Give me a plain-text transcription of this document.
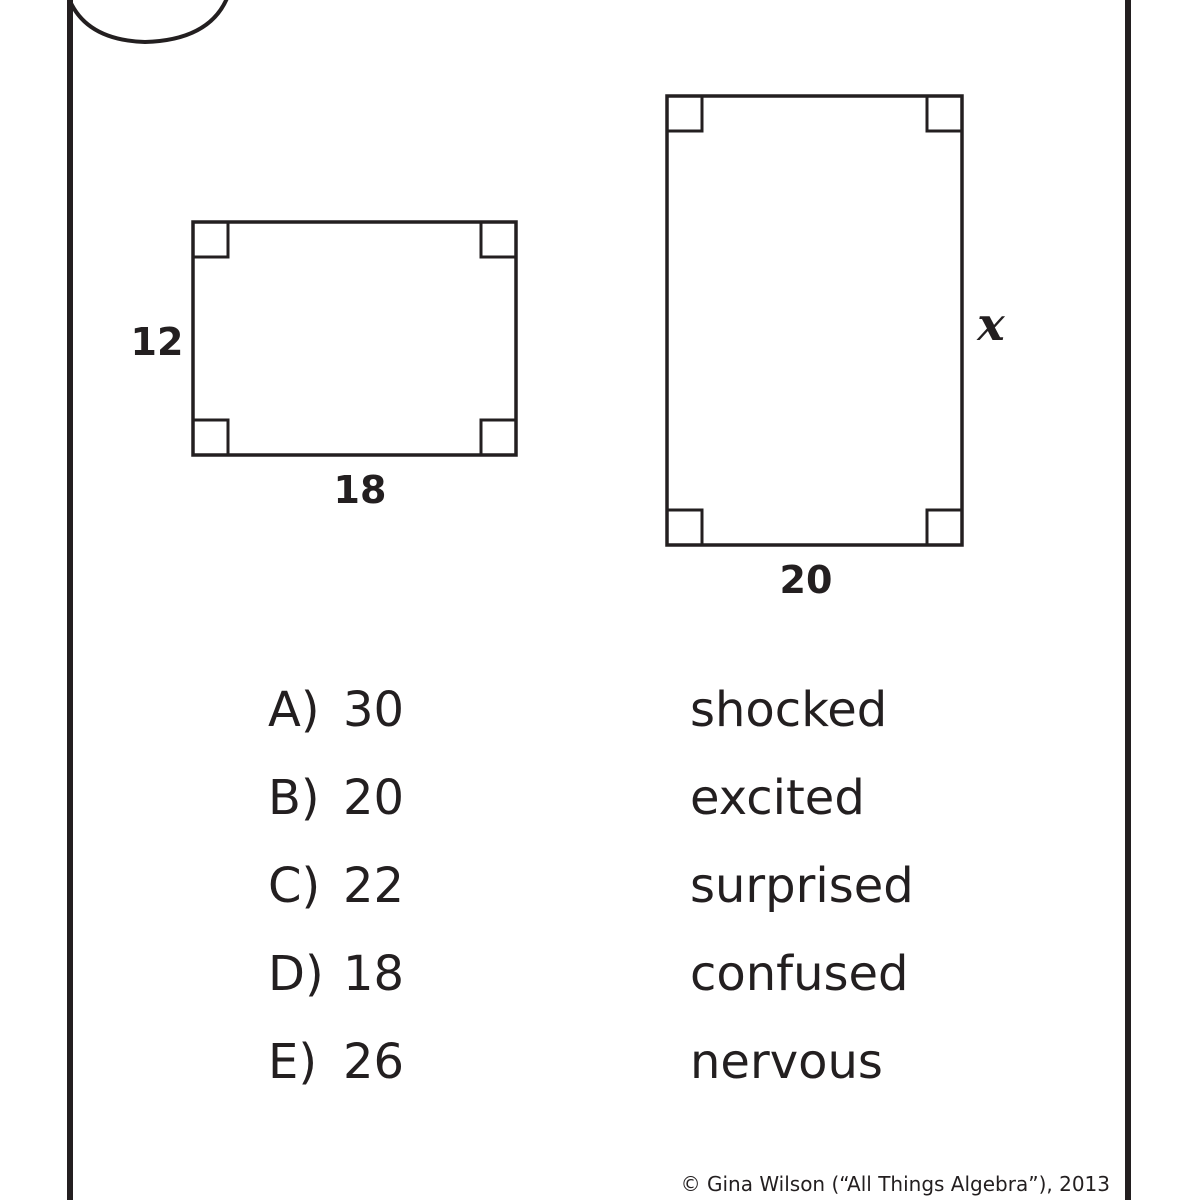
12
18
x
20
A) 30	shocked
B) 20	excited
C) 22	surprised
D) 18	confused
E) 26	nervous
© Gina Wilson (“All Things Algebra”), 2013
